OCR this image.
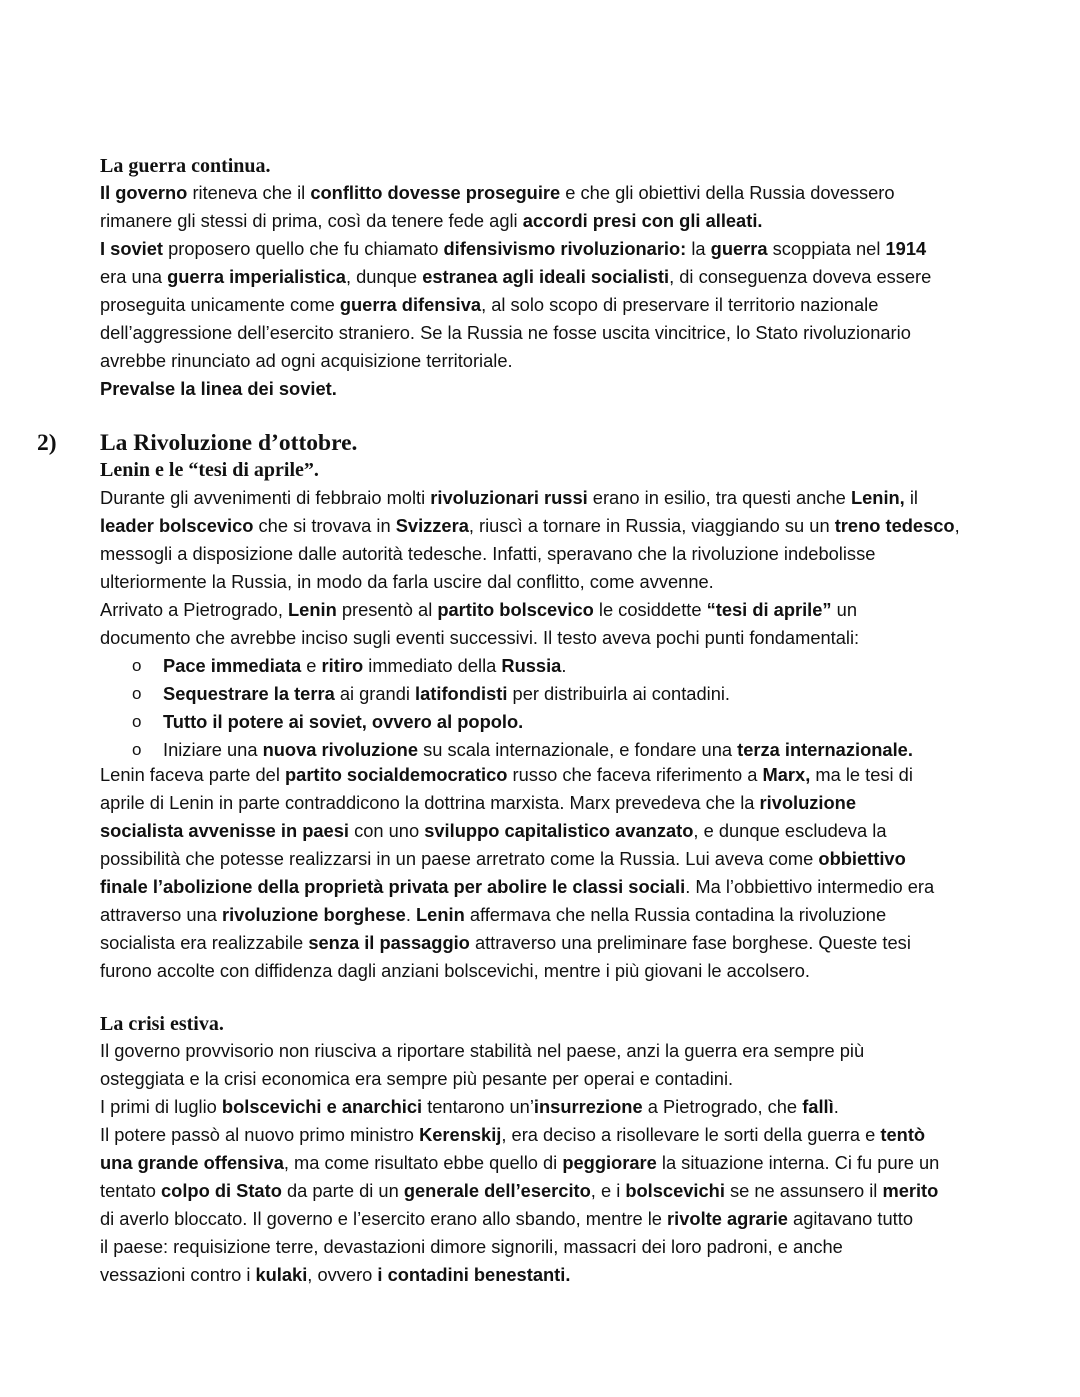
La guerra continua.
Il governo riteneva che il conflitto dovesse proseguire e che gli obiettivi della Russia dovessero
rimanere gli stessi di prima, così da tenere fede agli accordi presi con gli alleati.
I soviet proposero quello che fu chiamato difensivismo rivoluzionario: la guerra scoppiata nel 1914
era una guerra imperialistica, dunque estranea agli ideali socialisti, di conseguenza doveva essere
proseguita unicamente come guerra difensiva, al solo scopo di preservare il territorio nazionale
dell’aggressione dell’esercito straniero. Se la Russia ne fosse uscita vincitrice, lo Stato rivoluzionario
avrebbe rinunciato ad ogni acquisizione territoriale.
Prevalse la linea dei soviet.
2) La Rivoluzione d’ottobre.
Lenin e le “tesi di aprile”.
Durante gli avvenimenti di febbraio molti rivoluzionari russi erano in esilio, tra questi anche Lenin, il
leader bolscevico che si trovava in Svizzera, riuscì a tornare in Russia, viaggiando su un treno tedesco,
messogli a disposizione dalle autorità tedesche. Infatti, speravano che la rivoluzione indebolisse
ulteriormente la Russia, in modo da farla uscire dal conflitto, come avvenne.
Arrivato a Pietrogrado, Lenin presentò al partito bolscevico le cosiddette “tesi di aprile” un
documento che avrebbe inciso sugli eventi successivi. Il testo aveva pochi punti fondamentali:
o Pace immediata e ritiro immediato della Russia.
o Sequestrare la terra ai grandi latifondisti per distribuirla ai contadini.
o Tutto il potere ai soviet, ovvero al popolo.
o Iniziare una nuova rivoluzione su scala internazionale, e fondare una terza internazionale.
Lenin faceva parte del partito socialdemocratico russo che faceva riferimento a Marx, ma le tesi di
aprile di Lenin in parte contraddicono la dottrina marxista. Marx prevedeva che la rivoluzione
socialista avvenisse in paesi con uno sviluppo capitalistico avanzato, e dunque escludeva la
possibilità che potesse realizzarsi in un paese arretrato come la Russia. Lui aveva come obbiettivo
finale l’abolizione della proprietà privata per abolire le classi sociali. Ma l’obbiettivo intermedio era
attraverso una rivoluzione borghese. Lenin affermava che nella Russia contadina la rivoluzione
socialista era realizzabile senza il passaggio attraverso una preliminare fase borghese. Queste tesi
furono accolte con diffidenza dagli anziani bolscevichi, mentre i più giovani le accolsero.
La crisi estiva.
Il governo provvisorio non riusciva a riportare stabilità nel paese, anzi la guerra era sempre più
osteggiata e la crisi economica era sempre più pesante per operai e contadini.
I primi di luglio bolscevichi e anarchici tentarono un’insurrezione a Pietrogrado, che fallì.
Il potere passò al nuovo primo ministro Kerenskij, era deciso a risollevare le sorti della guerra e tentò
una grande offensiva, ma come risultato ebbe quello di peggiorare la situazione interna. Ci fu pure un
tentato colpo di Stato da parte di un generale dell’esercito, e i bolscevichi se ne assunsero il merito
di averlo bloccato. Il governo e l’esercito erano allo sbando, mentre le rivolte agrarie agitavano tutto
il paese: requisizione terre, devastazioni dimore signorili, massacri dei loro padroni, e anche
vessazioni contro i kulaki, ovvero i contadini benestanti.
